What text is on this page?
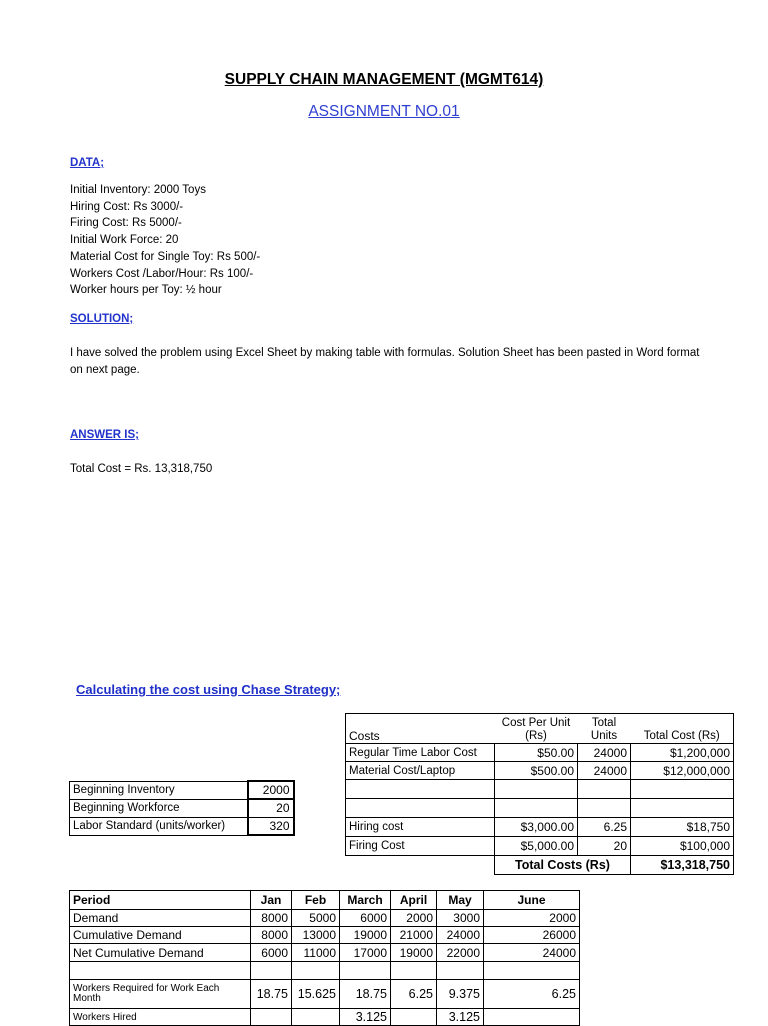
SUPPLY CHAIN MANAGEMENT (MGMT614)
ASSIGNMENT NO.01
DATA;
Initial Inventory: 2000 Toys
Hiring Cost: Rs 3000/-
Firing Cost: Rs 5000/-
Initial Work Force: 20
Material Cost for Single Toy: Rs 500/-
Workers Cost /Labor/Hour: Rs 100/-
Worker hours per Toy: ½ hour
SOLUTION;
I have solved the problem using Excel Sheet by making table with formulas. Solution Sheet has been pasted in Word format on next page.
ANSWER IS;
Total Cost = Rs. 13,318,750
Calculating the cost using Chase Strategy;
Costs	Cost Per Unit (Rs)	Total Units	Total Cost (Rs)
Regular Time Labor Cost	$50.00	24000	$1,200,000
Material Cost/Laptop	$500.00	24000	$12,000,000

Hiring cost	$3,000.00	6.25	$18,750
Firing Cost	$5,000.00	20	$100,000
	Total Costs (Rs)		$13,318,750
Beginning Inventory	2000
Beginning Workforce	20
Labor Standard (units/worker)	320
Period	Jan	Feb	March	April	May	June
Demand	8000	5000	6000	2000	3000	2000
Cumulative Demand	8000	13000	19000	21000	24000	26000
Net Cumulative Demand	6000	11000	17000	19000	22000	24000

Workers Required for Work Each Month	18.75	15.625	18.75	6.25	9.375	6.25
Workers Hired			3.125		3.125	
